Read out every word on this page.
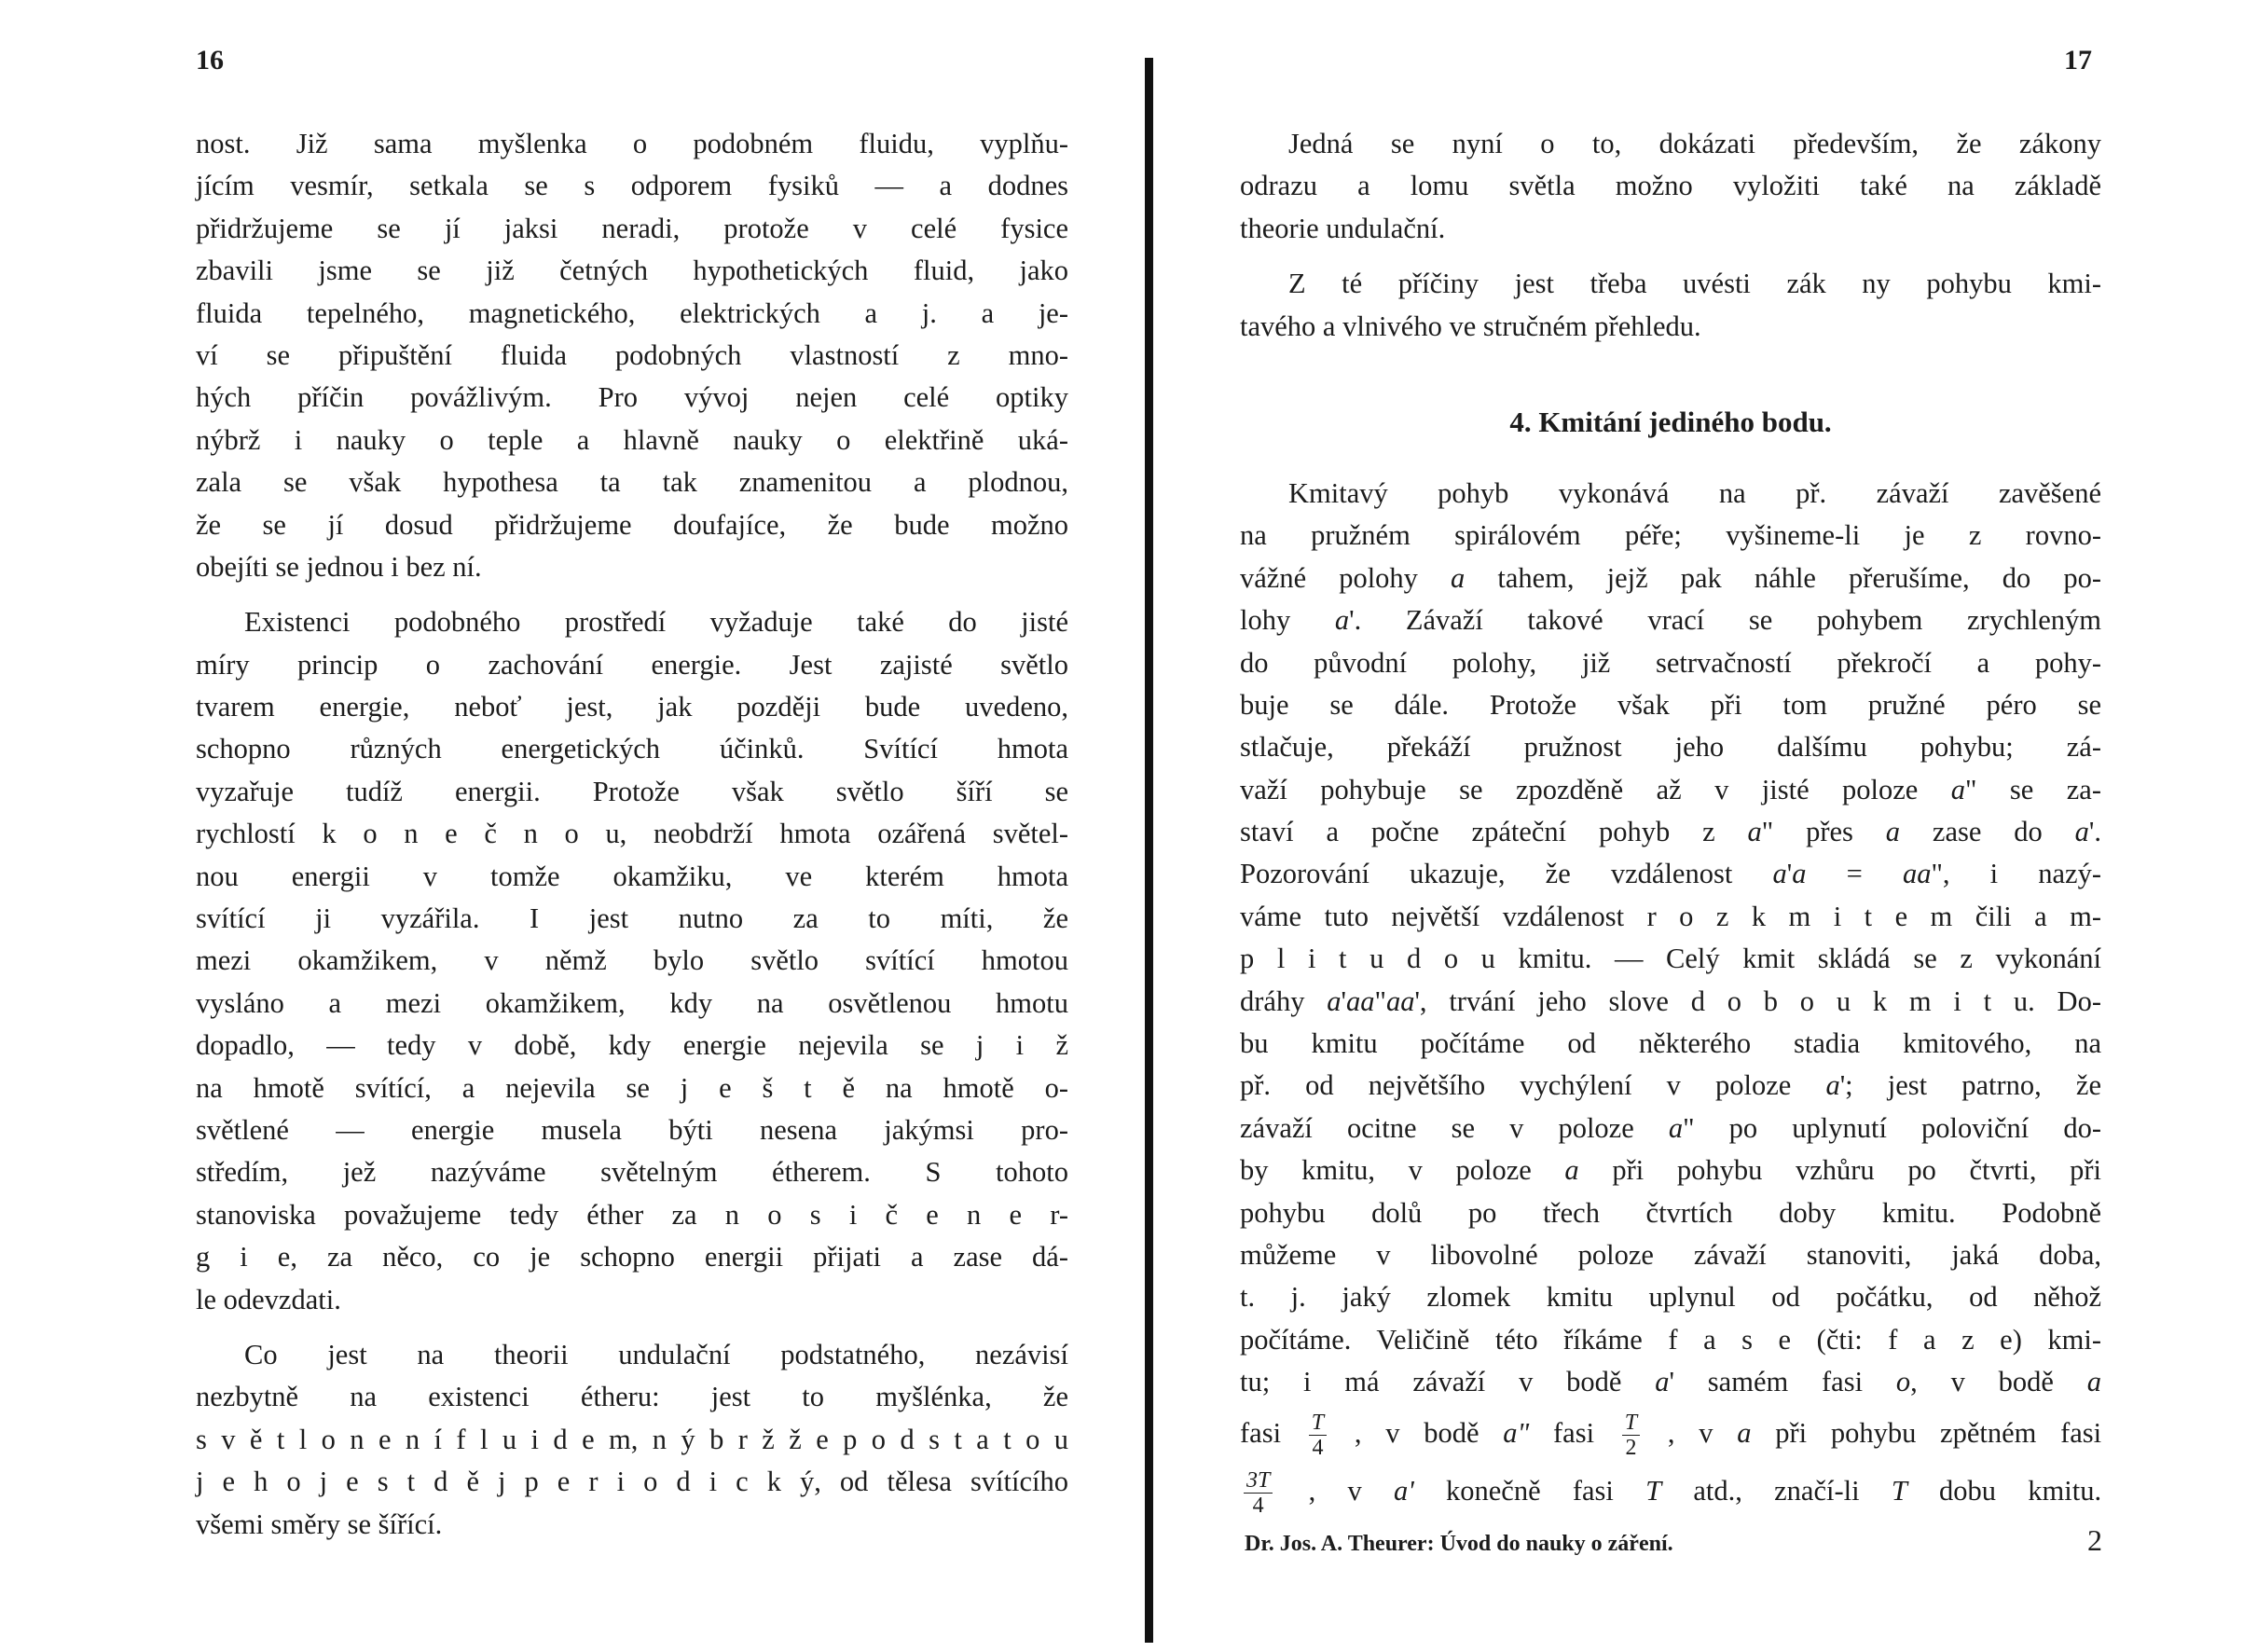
16	17
nost. Již sama myšlenka o podobném fluidu, vyplňu-
jícím vesmír, setkala se s odporem fysiků — a dodnes
přidržujeme se jí jaksi neradi, protože v celé fysice
zbavili jsme se již četných hypothetických fluid, jako
fluida tepelného, magnetického, elektrických a j. a je-
ví se připuštění fluida podobných vlastností z mno-
hých příčin povážlivým. Pro vývoj nejen celé optiky
nýbrž i nauky o teple a hlavně nauky o elektřině uká-
zala se však hypothesa ta tak znamenitou a plodnou,
že se jí dosud přidržujeme doufajíce, že bude možno
obejíti se jednou i bez ní.
Existenci podobného prostředí vyžaduje také do jisté
míry princip o zachování energie. Jest zajisté světlo
tvarem energie, neboť jest, jak později bude uvedeno,
schopno různých energetických účinků. Svítící hmota
vyzařuje tudíž energii. Protože však světlo šíří se
rychlostí k o n e č n o u, neobdrží hmota ozářená světel-
nou energii v tomže okamžiku, ve kterém hmota
svítící ji vyzářila. I jest nutno za to míti, že
mezi okamžikem, v němž bylo světlo svítící hmotou
vysláno a mezi okamžikem, kdy na osvětlenou hmotu
dopadlo, — tedy v době, kdy energie nejevila se j i ž
na hmotě svítící, a nejevila se j e š t ě na hmotě o-
světlené — energie musela býti nesena jakýmsi pro-
středím, jež nazýváme světelným étherem. S tohoto
stanoviska považujeme tedy éther za n o s i č e n e r-
g i e, za něco, co je schopno energii přijati a zase dá-
le odevzdati.
Co jest na theorii undulační podstatného, nezávisí
nezbytně na existenci étheru: jest to myšlénka, že
s v ě t l o n e n í f l u i d e m, n ý b r ž ž e p o d s t a t o u
j e h o j e s t d ě j p e r i o d i c k ý, od tělesa svítícího
všemi směry se šířící.
Jedná se nyní o to, dokázati především, že zákony
odrazu a lomu světla možno vyložiti také na základě
theorie undulační.
Z té příčiny jest třeba uvésti zák ny pohybu kmi-
tavého a vlnivého ve stručném přehledu.
4. Kmitání jediného bodu.
Kmitavý pohyb vykonává na př. závaží zavěšené
na pružném spirálovém péře; vyšineme-li je z rovno-
vážné polohy a tahem, jejž pak náhle přerušíme, do po-
lohy a'. Závaží takové vrací se pohybem zrychleným
do původní polohy, již setrvačností překročí a pohy-
buje se dále. Protože však při tom pružné péro se
stlačuje, překáží pružnost jeho dalšímu pohybu; zá-
važí pohybuje se zpozděně až v jisté poloze a" se za-
staví a počne zpáteční pohyb z a" přes a zase do a'.
Pozorování ukazuje, že vzdálenost a'a = aa", i nazý-
váme tuto největší vzdálenost r o z k m i t e m čili a m-
p l i t u d o u kmitu. — Celý kmit skládá se z vykonání
dráhy a'aa"aa', trvání jeho slove d o b o u k m i t u. Do-
bu kmitu počítáme od některého stadia kmitového, na
př. od největšího vychýlení v poloze a'; jest patrno, že
závaží ocitne se v poloze a" po uplynutí poloviční do-
by kmitu, v poloze a při pohybu vzhůru po čtvrti, při
pohybu dolů po třech čtvrtích doby kmitu. Podobně
můžeme v libovolné poloze závaží stanoviti, jaká doba,
t. j. jaký zlomek kmitu uplynul od počátku, od něhož
počítáme. Veličině této říkáme f a s e (čti: f a z e) kmi-
tu; i má závaží v bodě a' samém fasi o, v bodě a
fasi $\frac{T}{4}$ , v bodě a" fasi $\frac{T}{2}$ , v a při pohybu zpětném fasi
$\frac{3T}{4}$ , v a' konečně fasi T atd., značí-li T dobu kmitu.
Dr. Jos. A. Theurer: Úvod do nauky o záření.	2
